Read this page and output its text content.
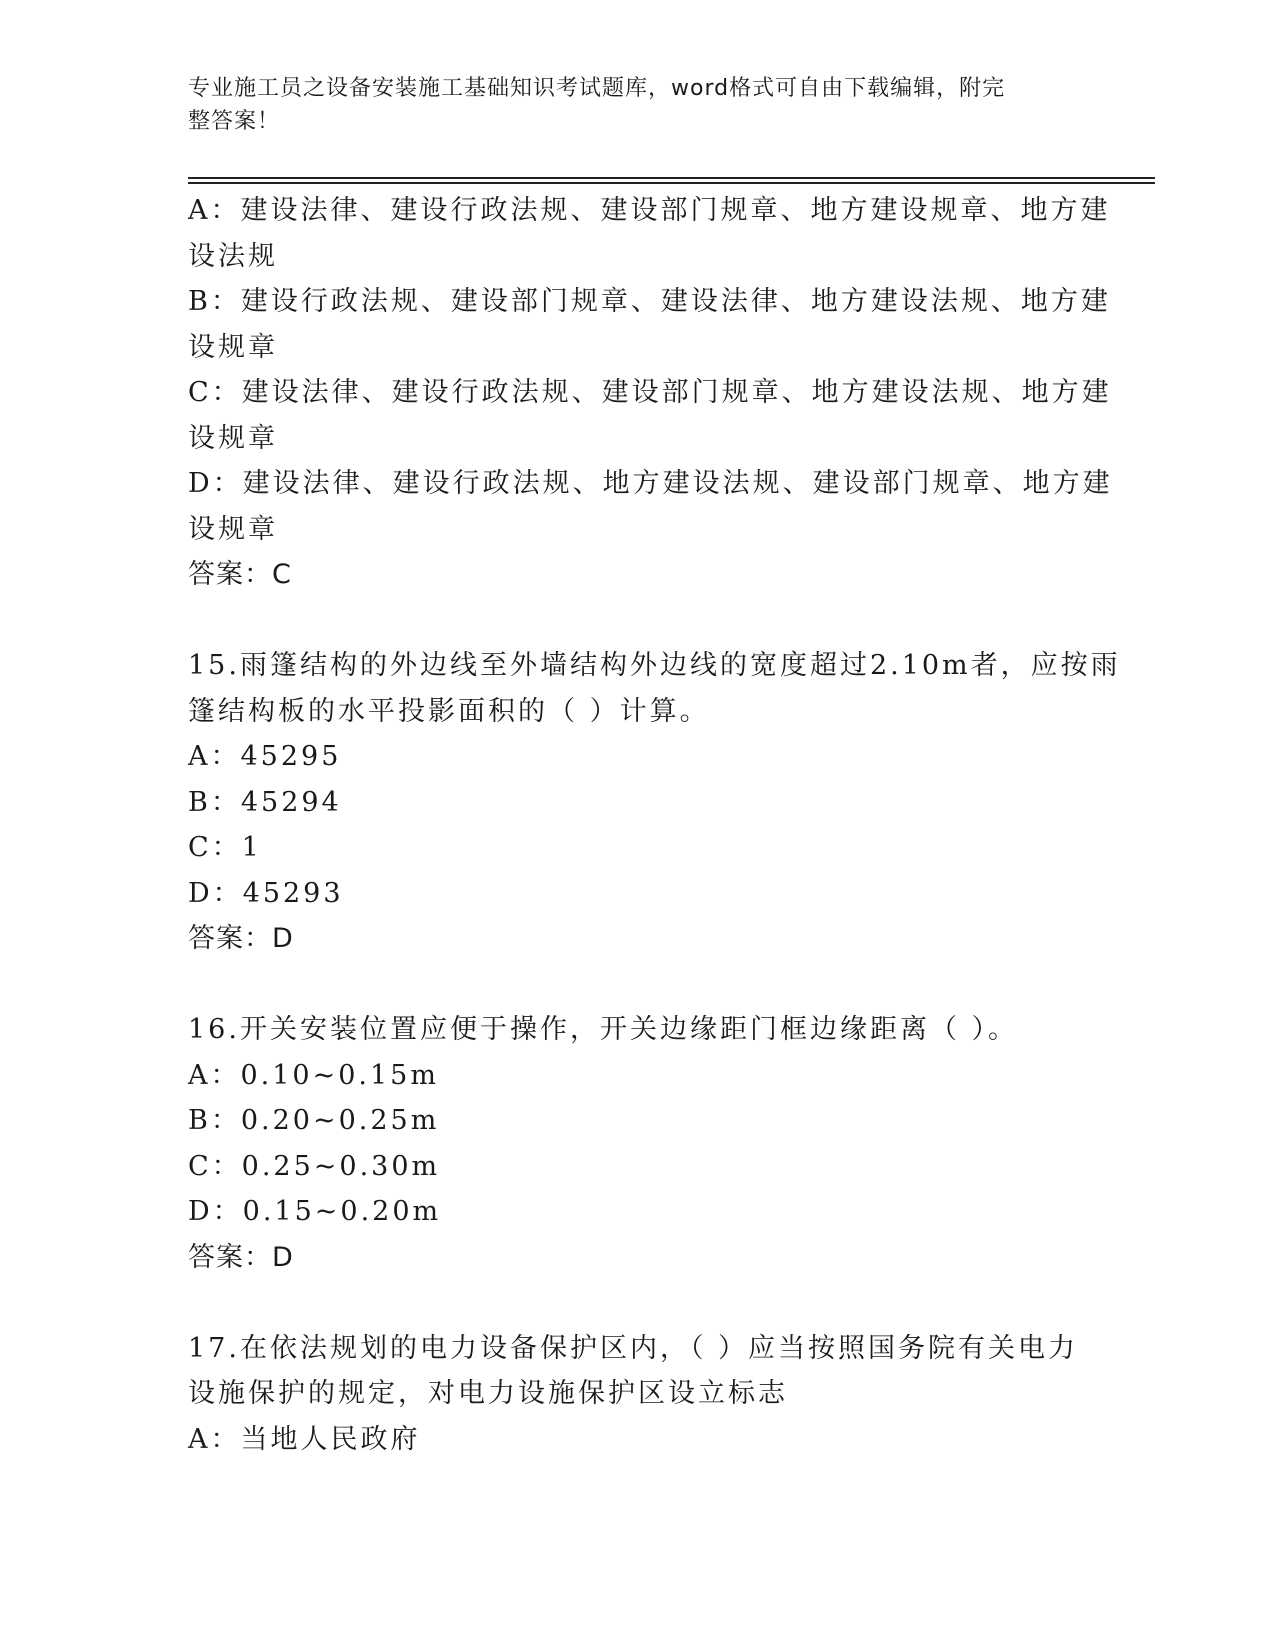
专业施工员之设备安装施工基础知识考试题库，word格式可自由下载编辑，附完
整答案！
A：建设法律、建设行政法规、建设部门规章、地方建设规章、地方建
设法规
B：建设行政法规、建设部门规章、建设法律、地方建设法规、地方建
设规章
C：建设法律、建设行政法规、建设部门规章、地方建设法规、地方建
设规章
D：建设法律、建设行政法规、地方建设法规、建设部门规章、地方建
设规章
答案：C
15.雨篷结构的外边线至外墙结构外边线的宽度超过2.10m者，应按雨
篷结构板的水平投影面积的（ ）计算。
A：45295
B：45294
C：1
D：45293
答案：D
16.开关安装位置应便于操作，开关边缘距门框边缘距离（ ）。
A：0.10~0.15m
B：0.20~0.25m
C：0.25~0.30m
D：0.15~0.20m
答案：D
17.在依法规划的电力设备保护区内，（ ）应当按照国务院有关电力
设施保护的规定，对电力设施保护区设立标志
A：当地人民政府
